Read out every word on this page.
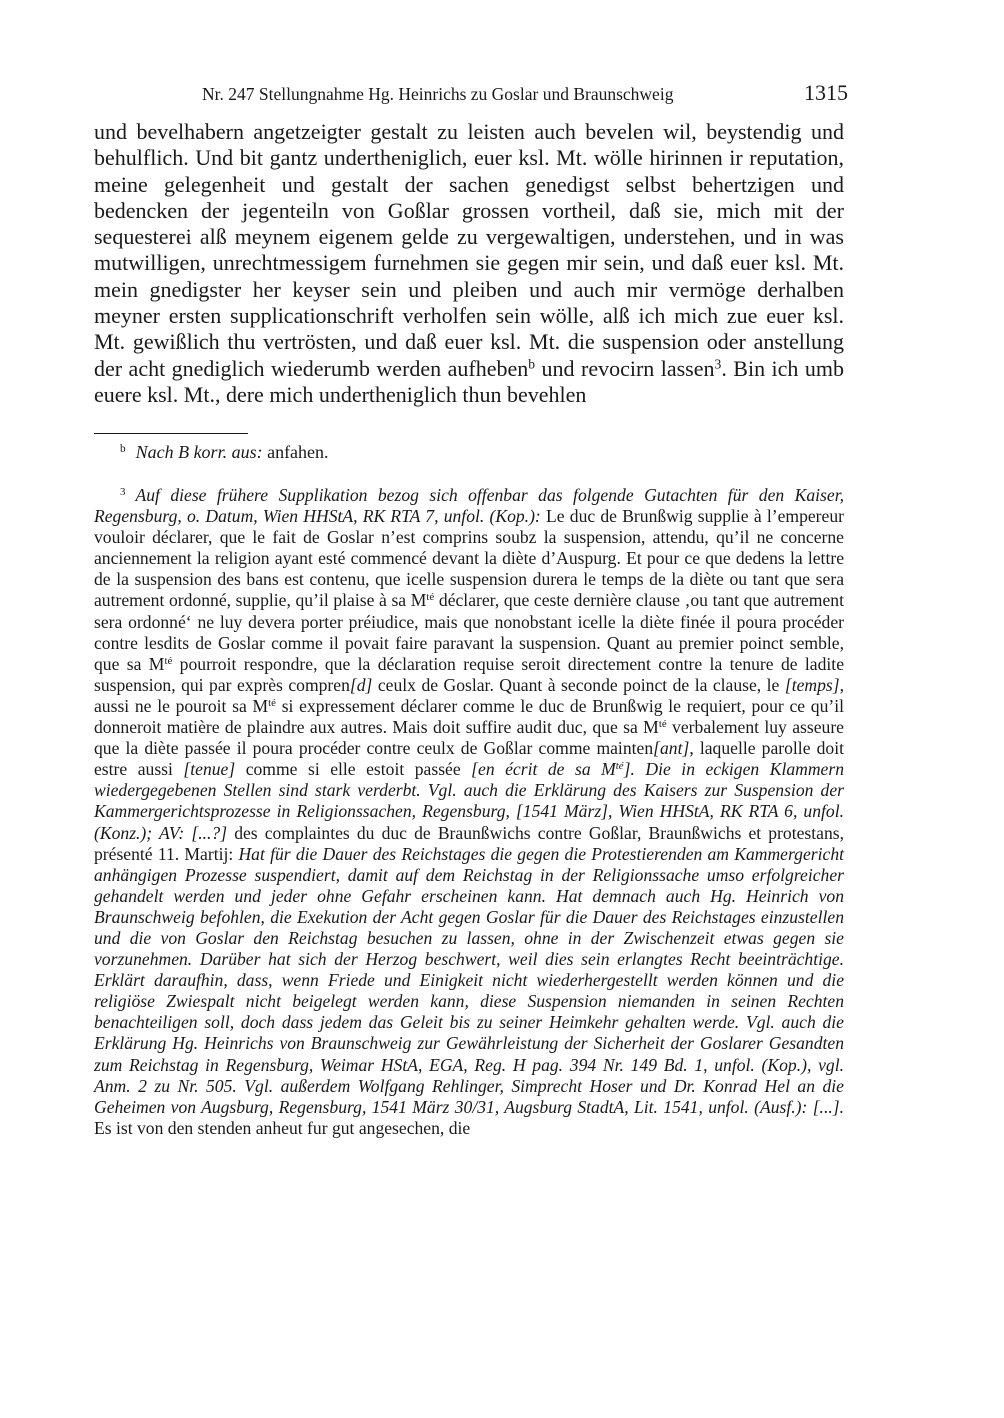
Nr. 247 Stellungnahme Hg. Heinrichs zu Goslar und Braunschweig	1315

und bevelhabern angetzeigter gestalt zu leisten auch bevelen wil, beystendig und behulflich. Und bit gantz undertheniglich, euer ksl. Mt. wölle hirinnen ir reputation, meine gelegenheit und gestalt der sachen genedigst selbst behertzigen und bedencken der jegenteiln von Goßlar grossen vortheil, daß sie, mich mit der sequesterei alß meynem eigenem gelde zu vergewaltigen, understehen, und in was mutwilligen, unrechtmessigem furnehmen sie gegen mir sein, und daß euer ksl. Mt. mein gnedigster her keyser sein und pleiben und auch mir vermöge derhalben meyner ersten supplicationschrift verholfen sein wölle, alß ich mich zue euer ksl. Mt. gewißlich thu vertrösten, und daß euer ksl. Mt. die suspension oder anstellung der acht gnediglich wiederumb werden aufheben$^b$ und revocirn lassen$^3$. Bin ich umb euere ksl. Mt., dere mich undertheniglich thun bevehlen

$^b$ Nach B korr. aus: anfahen.

$^3$ Auf diese frühere Supplikation bezog sich offenbar das folgende Gutachten für den Kaiser, Regensburg, o. Datum, Wien HHStA, RK RTA 7, unfol. (Kop.): Le duc de Brunßwig supplie à l’empereur vouloir déclarer, que le fait de Goslar n’est comprins soubz la suspension, attendu, qu’il ne concerne anciennement la religion ayant esté commencé devant la diète d’Auspurg. Et pour ce que dedens la lettre de la suspension des bans est contenu, que icelle suspension durera le temps de la diète ou tant que sera autrement ordonné, supplie, qu’il plaise à sa $M^{té}$ déclarer, que ceste dernière clause ‚ou tant que autrement sera ordonné‘ ne luy devera porter préiudice, mais que nonobstant icelle la diète finée il poura procéder contre lesdits de Goslar comme il povait faire paravant la suspension. Quant au premier poinct semble, que sa $M^{té}$ pourroit respondre, que la déclaration requise seroit directement contre la tenure de ladite suspension, qui par exprès compren[d] ceulx de Goslar. Quant à seconde poinct de la clause, le [temps], aussi ne le pouroit sa $M^{té}$ si expressement déclarer comme le duc de Brunßwig le requiert, pour ce qu’il donneroit matière de plaindre aux autres. Mais doit suffire audit duc, que sa $M^{té}$ verbalement luy asseure que la diète passée il poura procéder contre ceulx de Goßlar comme mainten[ant], laquelle parolle doit estre aussi [tenue] comme si elle estoit passée [en écrit de sa $M^{té}$]. Die in eckigen Klammern wiedergegebenen Stellen sind stark verderbt. Vgl. auch die Erklärung des Kaisers zur Suspension der Kammergerichtsprozesse in Religionssachen, Regensburg, [1541 März], Wien HHStA, RK RTA 6, unfol. (Konz.); AV: [...?] des complaintes du duc de Braunßwichs contre Goßlar, Braunßwichs et protestans, présenté 11. Martij: Hat für die Dauer des Reichstages die gegen die Protestierenden am Kammergericht anhängigen Prozesse suspendiert, damit auf dem Reichstag in der Religionssache umso erfolgreicher gehandelt werden und jeder ohne Gefahr erscheinen kann. Hat demnach auch Hg. Heinrich von Braunschweig befohlen, die Exekution der Acht gegen Goslar für die Dauer des Reichstages einzustellen und die von Goslar den Reichstag besuchen zu lassen, ohne in der Zwischenzeit etwas gegen sie vorzunehmen. Darüber hat sich der Herzog beschwert, weil dies sein erlangtes Recht beeinträchtige. Erklärt daraufhin, dass, wenn Friede und Einigkeit nicht wiederhergestellt werden können und die religiöse Zwiespalt nicht beigelegt werden kann, diese Suspension niemanden in seinen Rechten benachteiligen soll, doch dass jedem das Geleit bis zu seiner Heimkehr gehalten werde. Vgl. auch die Erklärung Hg. Heinrichs von Braunschweig zur Gewährleistung der Sicherheit der Goslarer Gesandten zum Reichstag in Regensburg, Weimar HStA, EGA, Reg. H pag. 394 Nr. 149 Bd. 1, unfol. (Kop.), vgl. Anm. 2 zu Nr. 505. Vgl. außerdem Wolfgang Rehlinger, Simprecht Hoser und Dr. Konrad Hel an die Geheimen von Augsburg, Regensburg, 1541 März 30/31, Augsburg StadtA, Lit. 1541, unfol. (Ausf.): [...]. Es ist von den stenden anheut fur gut angesechen, die
